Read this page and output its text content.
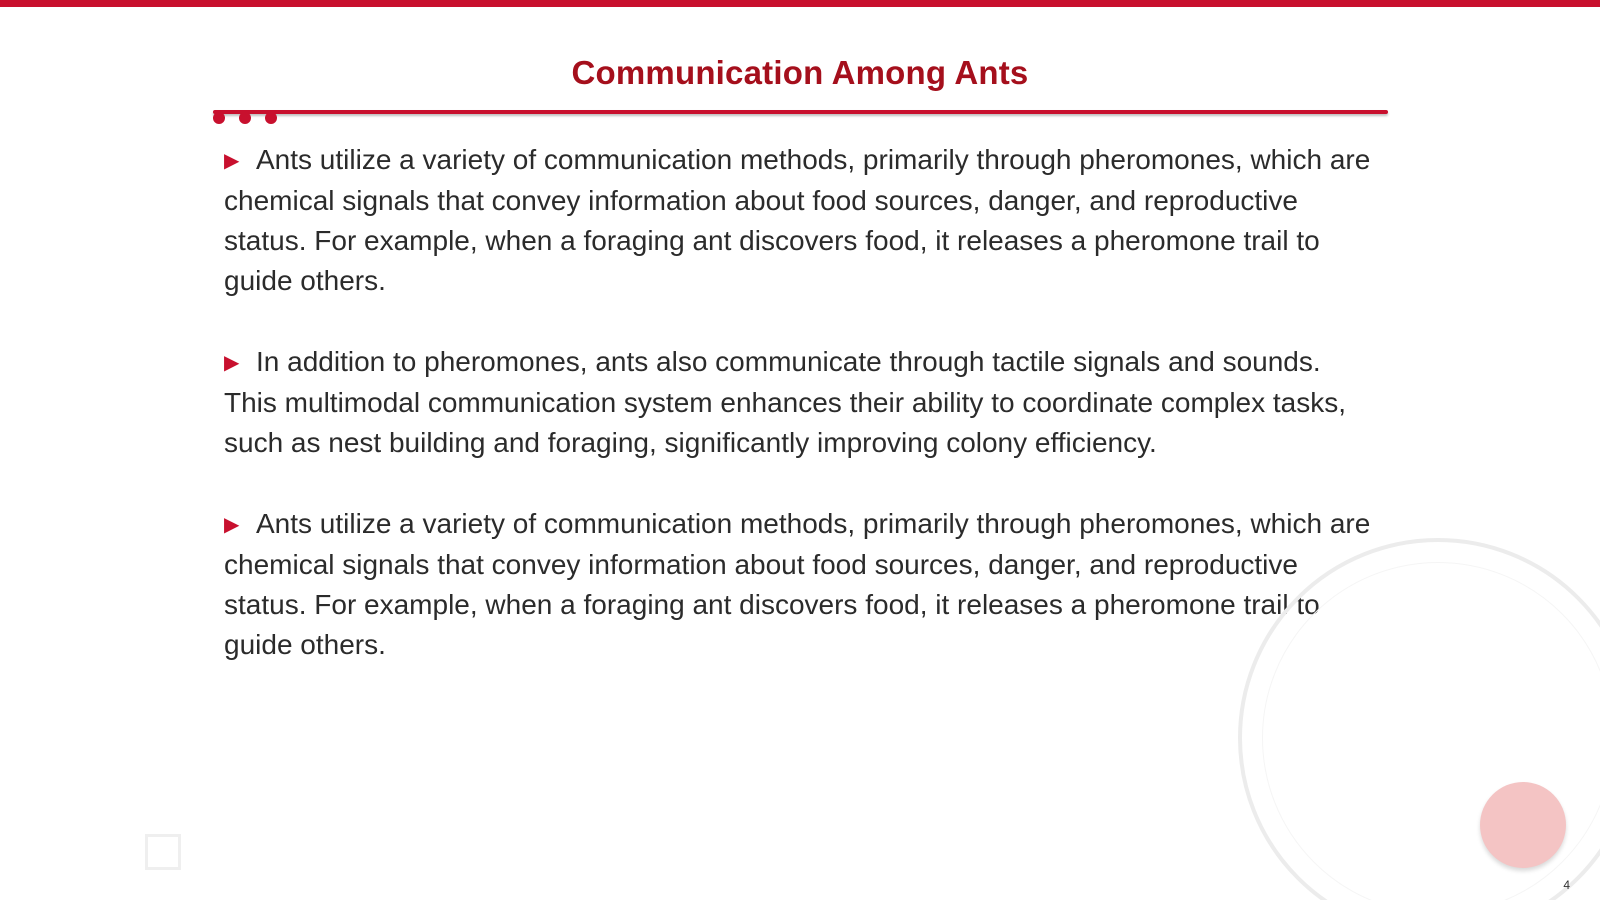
Communication Among Ants

▶ Ants utilize a variety of communication methods, primarily through pheromones, which are chemical signals that convey information about food sources, danger, and reproductive status. For example, when a foraging ant discovers food, it releases a pheromone trail to guide others.

▶ In addition to pheromones, ants also communicate through tactile signals and sounds. This multimodal communication system enhances their ability to coordinate complex tasks, such as nest building and foraging, significantly improving colony efficiency.

▶ Ants utilize a variety of communication methods, primarily through pheromones, which are chemical signals that convey information about food sources, danger, and reproductive status. For example, when a foraging ant discovers food, it releases a pheromone trail to guide others.

4
